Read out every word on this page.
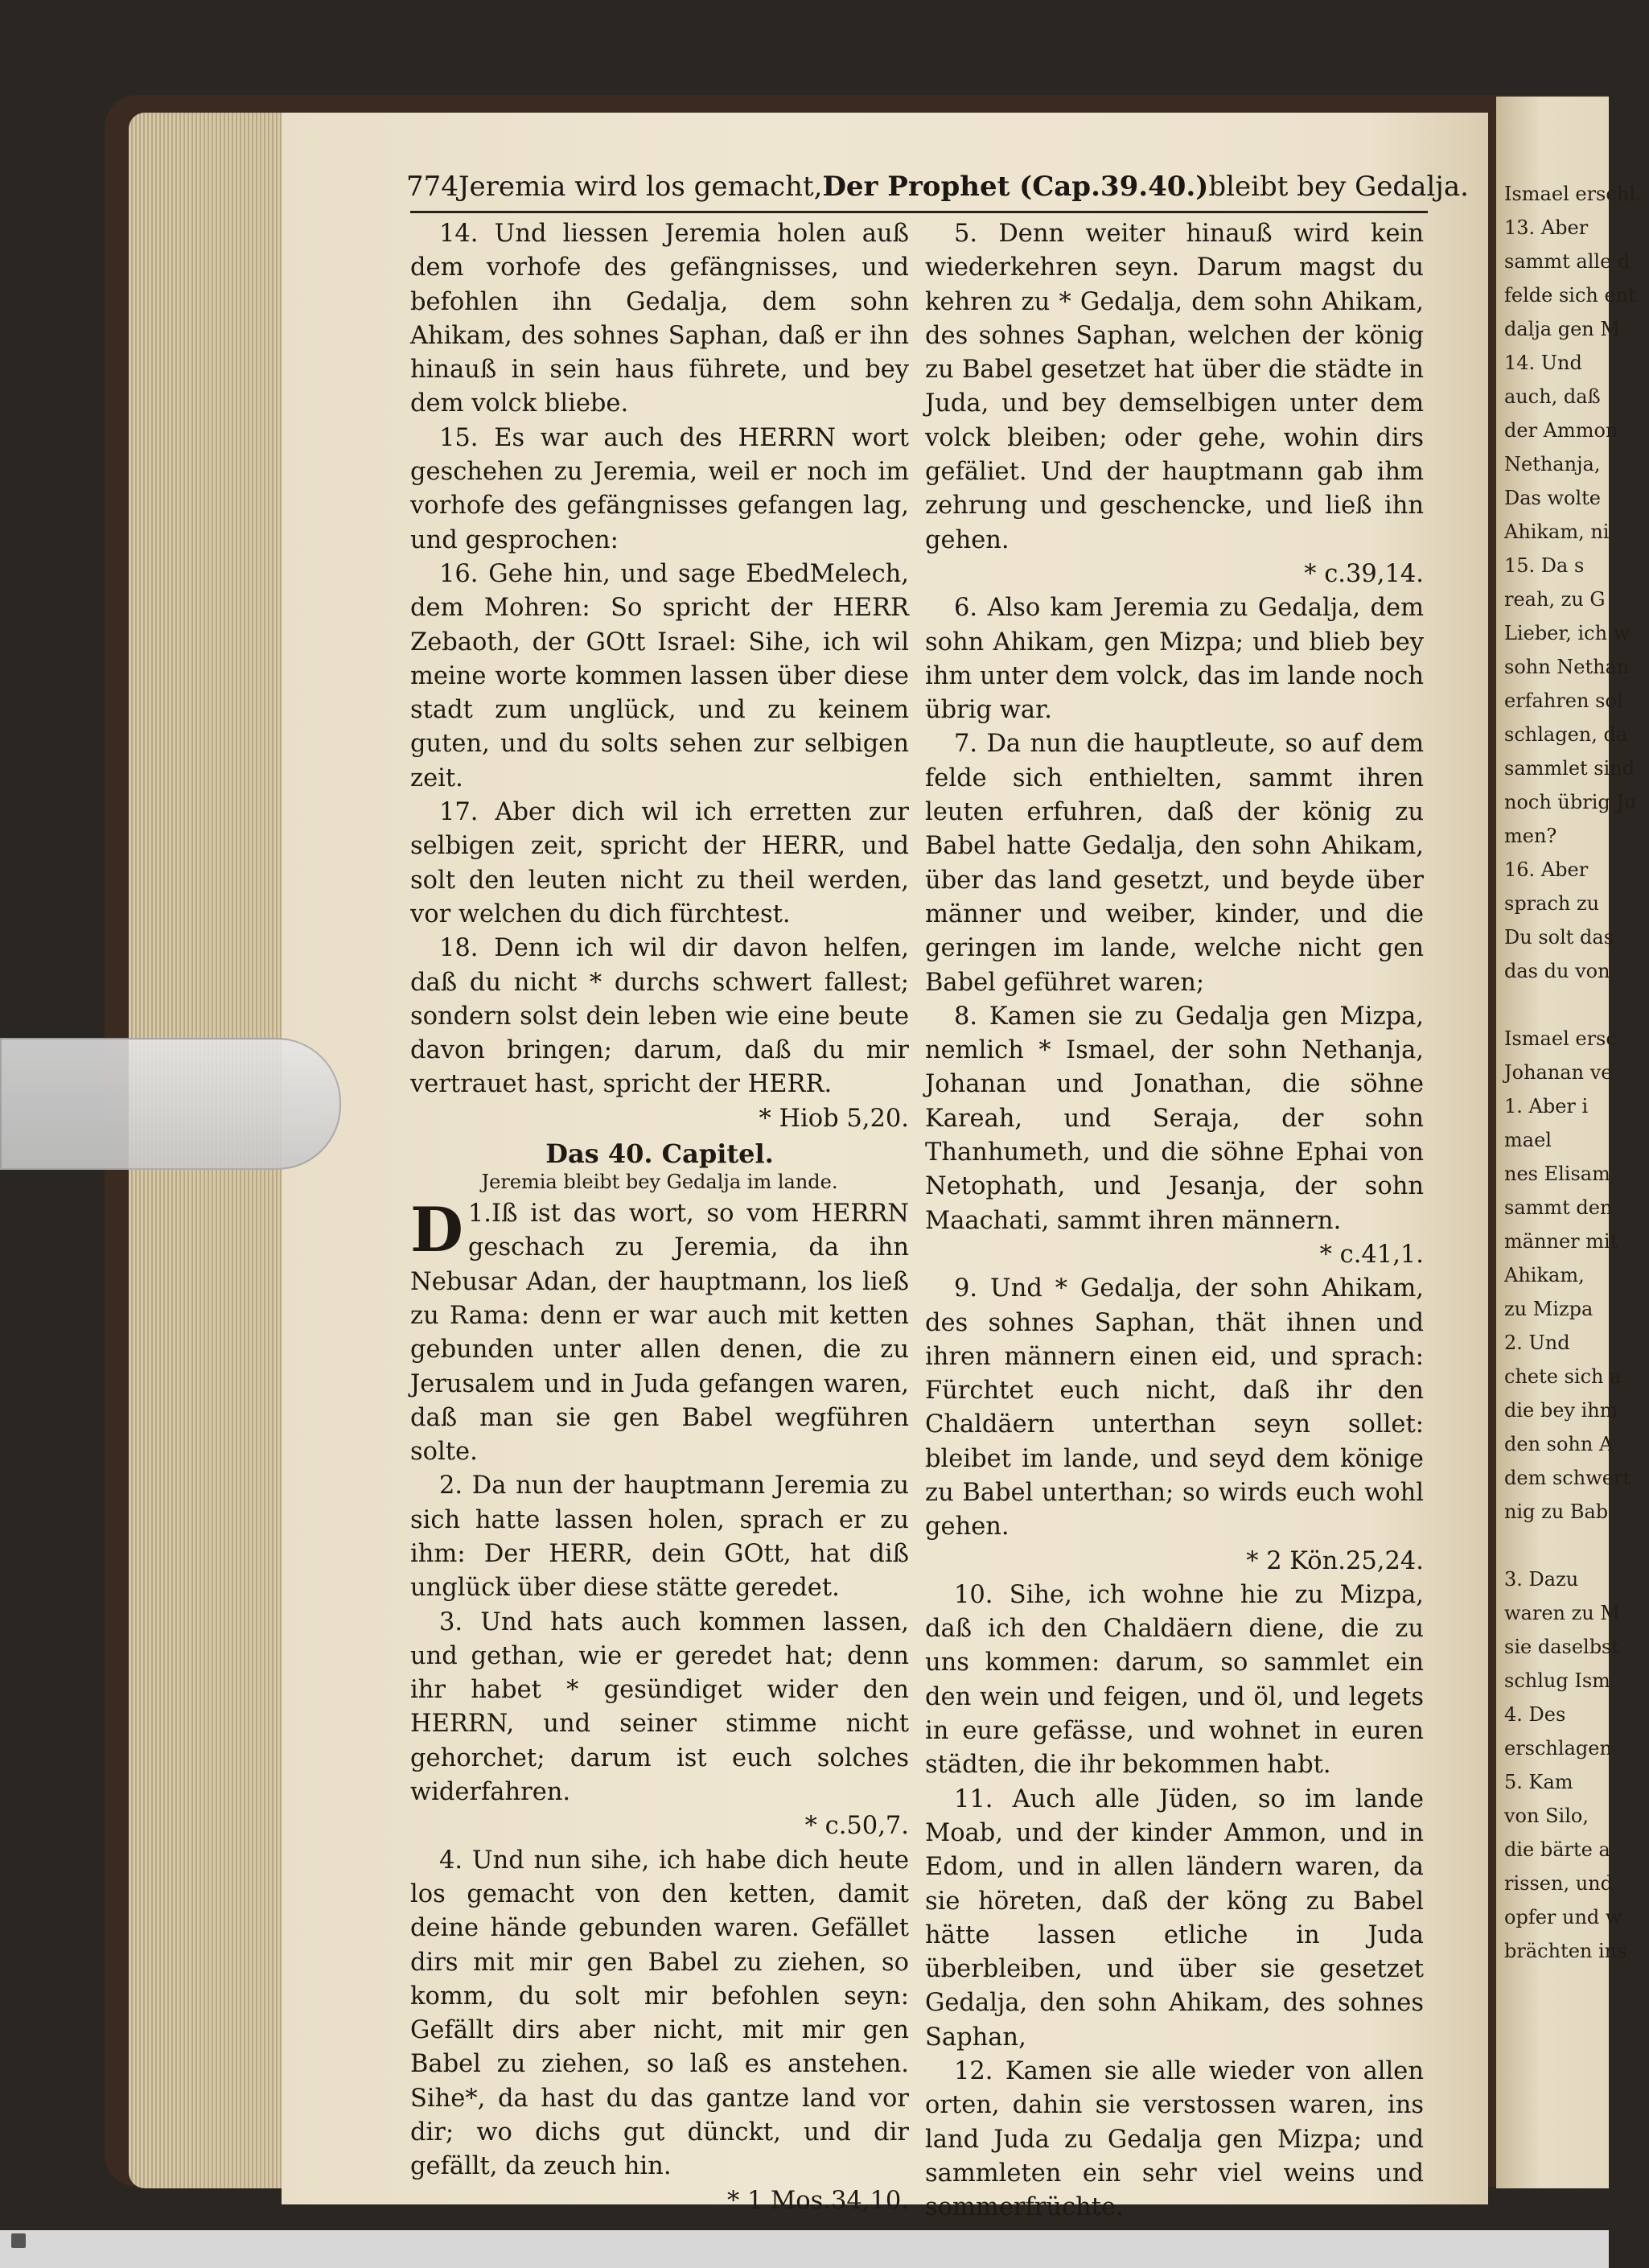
Ismael erschl.
13. Aber
sammt alle d
felde sich ent
dalja gen M
14. Und
auch, daß
der Ammon
Nethanja,
Das wolte
Ahikam, ni
15. Da s
reah, zu G
Lieber, ich w
sohn Nethan
erfahren sol
schlagen, da
sammlet sind
noch übrig Ju
men?
16. Aber
sprach zu
Du solt das
das du von

Ismael ersc
Johanan ve
1. Aber i
mael
nes Elisam
sammt den
männer mit
Ahikam,
zu Mizpa
2. Und
chete sich a
die bey ihm
den sohn A
dem schwert
nig zu Bab

3. Dazu
waren zu M
sie daselbst
schlug Ism
4. Des
erschlagen
5. Kam
von Silo,
die bärte a
rissen, und
opfer und w
brächten ins
774 Jeremia wird los gemacht, Der Prophet (Cap.39.40.) bleibt bey Gedalja.

14. Und liessen Jeremia holen auß dem vorhofe des gefängnisses, und befohlen ihn Gedalja, dem sohn Ahikam, des sohnes Saphan, daß er ihn hinauß in sein haus führete, und bey dem volck bliebe.

15. Es war auch des HERRN wort geschehen zu Jeremia, weil er noch im vorhofe des gefängnisses gefangen lag, und gesprochen:

16. Gehe hin, und sage EbedMelech, dem Mohren: So spricht der HERR Zebaoth, der GOtt Israel: Sihe, ich wil meine worte kommen lassen über diese stadt zum unglück, und zu keinem guten, und du solts sehen zur selbigen zeit.

17. Aber dich wil ich erretten zur selbigen zeit, spricht der HERR, und solt den leuten nicht zu theil werden, vor welchen du dich fürchtest.

18. Denn ich wil dir davon helfen, daß du nicht * durchs schwert fallest; sondern solst dein leben wie eine beute davon bringen; darum, daß du mir vertrauet hast, spricht der HERR.

* Hiob 5,20.
Das 40. Capitel.
Jeremia bleibt bey Gedalja im lande.

1.
D Iß ist das wort, so vom HERRN geschach zu Jeremia, da ihn Nebusar Adan, der hauptmann, los ließ zu Rama: denn er war auch mit ketten gebunden unter allen denen, die zu Jerusalem und in Juda gefangen waren, daß man sie gen Babel wegführen solte.

2. Da nun der hauptmann Jeremia zu sich hatte lassen holen, sprach er zu ihm: Der HERR, dein GOtt, hat diß unglück über diese stätte geredet.

3. Und hats auch kommen lassen, und gethan, wie er geredet hat; denn ihr habet * gesündiget wider den HERRN, und seiner stimme nicht gehorchet; darum ist euch solches widerfahren.

* c.50,7.

4. Und nun sihe, ich habe dich heute los gemacht von den ketten, damit deine hände gebunden waren. Gefället dirs mit mir gen Babel zu ziehen, so komm, du solt mir befohlen seyn: Gefällt dirs aber nicht, mit mir gen Babel zu ziehen, so laß es anstehen. Sihe*, da hast du das gantze land vor dir; wo dichs gut dünckt, und dir gefällt, da zeuch hin.

* 1 Mos.34,10.

5. Denn weiter hinauß wird kein wiederkehren seyn. Darum magst du kehren zu * Gedalja, dem sohn Ahikam, des sohnes Saphan, welchen der könig zu Babel gesetzet hat über die städte in Juda, und bey demselbigen unter dem volck bleiben; oder gehe, wohin dirs gefäliet. Und der hauptmann gab ihm zehrung und geschencke, und ließ ihn gehen.

* c.39,14.

6. Also kam Jeremia zu Gedalja, dem sohn Ahikam, gen Mizpa; und blieb bey ihm unter dem volck, das im lande noch übrig war.

7. Da nun die hauptleute, so auf dem felde sich enthielten, sammt ihren leuten erfuhren, daß der könig zu Babel hatte Gedalja, den sohn Ahikam, über das land gesetzt, und beyde über männer und weiber, kinder, und die geringen im lande, welche nicht gen Babel geführet waren;

8. Kamen sie zu Gedalja gen Mizpa, nemlich * Ismael, der sohn Nethanja, Johanan und Jonathan, die söhne Kareah, und Seraja, der sohn Thanhumeth, und die söhne Ephai von Netophath, und Jesanja, der sohn Maachati, sammt ihren männern.

* c.41,1.

9. Und * Gedalja, der sohn Ahikam, des sohnes Saphan, thät ihnen und ihren männern einen eid, und sprach: Fürchtet euch nicht, daß ihr den Chaldäern unterthan seyn sollet: bleibet im lande, und seyd dem könige zu Babel unterthan; so wirds euch wohl gehen.

* 2 Kön.25,24.

10. Sihe, ich wohne hie zu Mizpa, daß ich den Chaldäern diene, die zu uns kommen: darum, so sammlet ein den wein und feigen, und öl, und legets in eure gefässe, und wohnet in euren städten, die ihr bekommen habt.

11. Auch alle Jüden, so im lande Moab, und der kinder Ammon, und in Edom, und in allen ländern waren, da sie höreten, daß der köng zu Babel hätte lassen etliche in Juda überbleiben, und über sie gesetzet Gedalja, den sohn Ahikam, des sohnes Saphan,

12. Kamen sie alle wieder von allen orten, dahin sie verstossen waren, ins land Juda zu Gedalja gen Mizpa; und sammleten ein sehr viel weins und sommerfrüchte.
